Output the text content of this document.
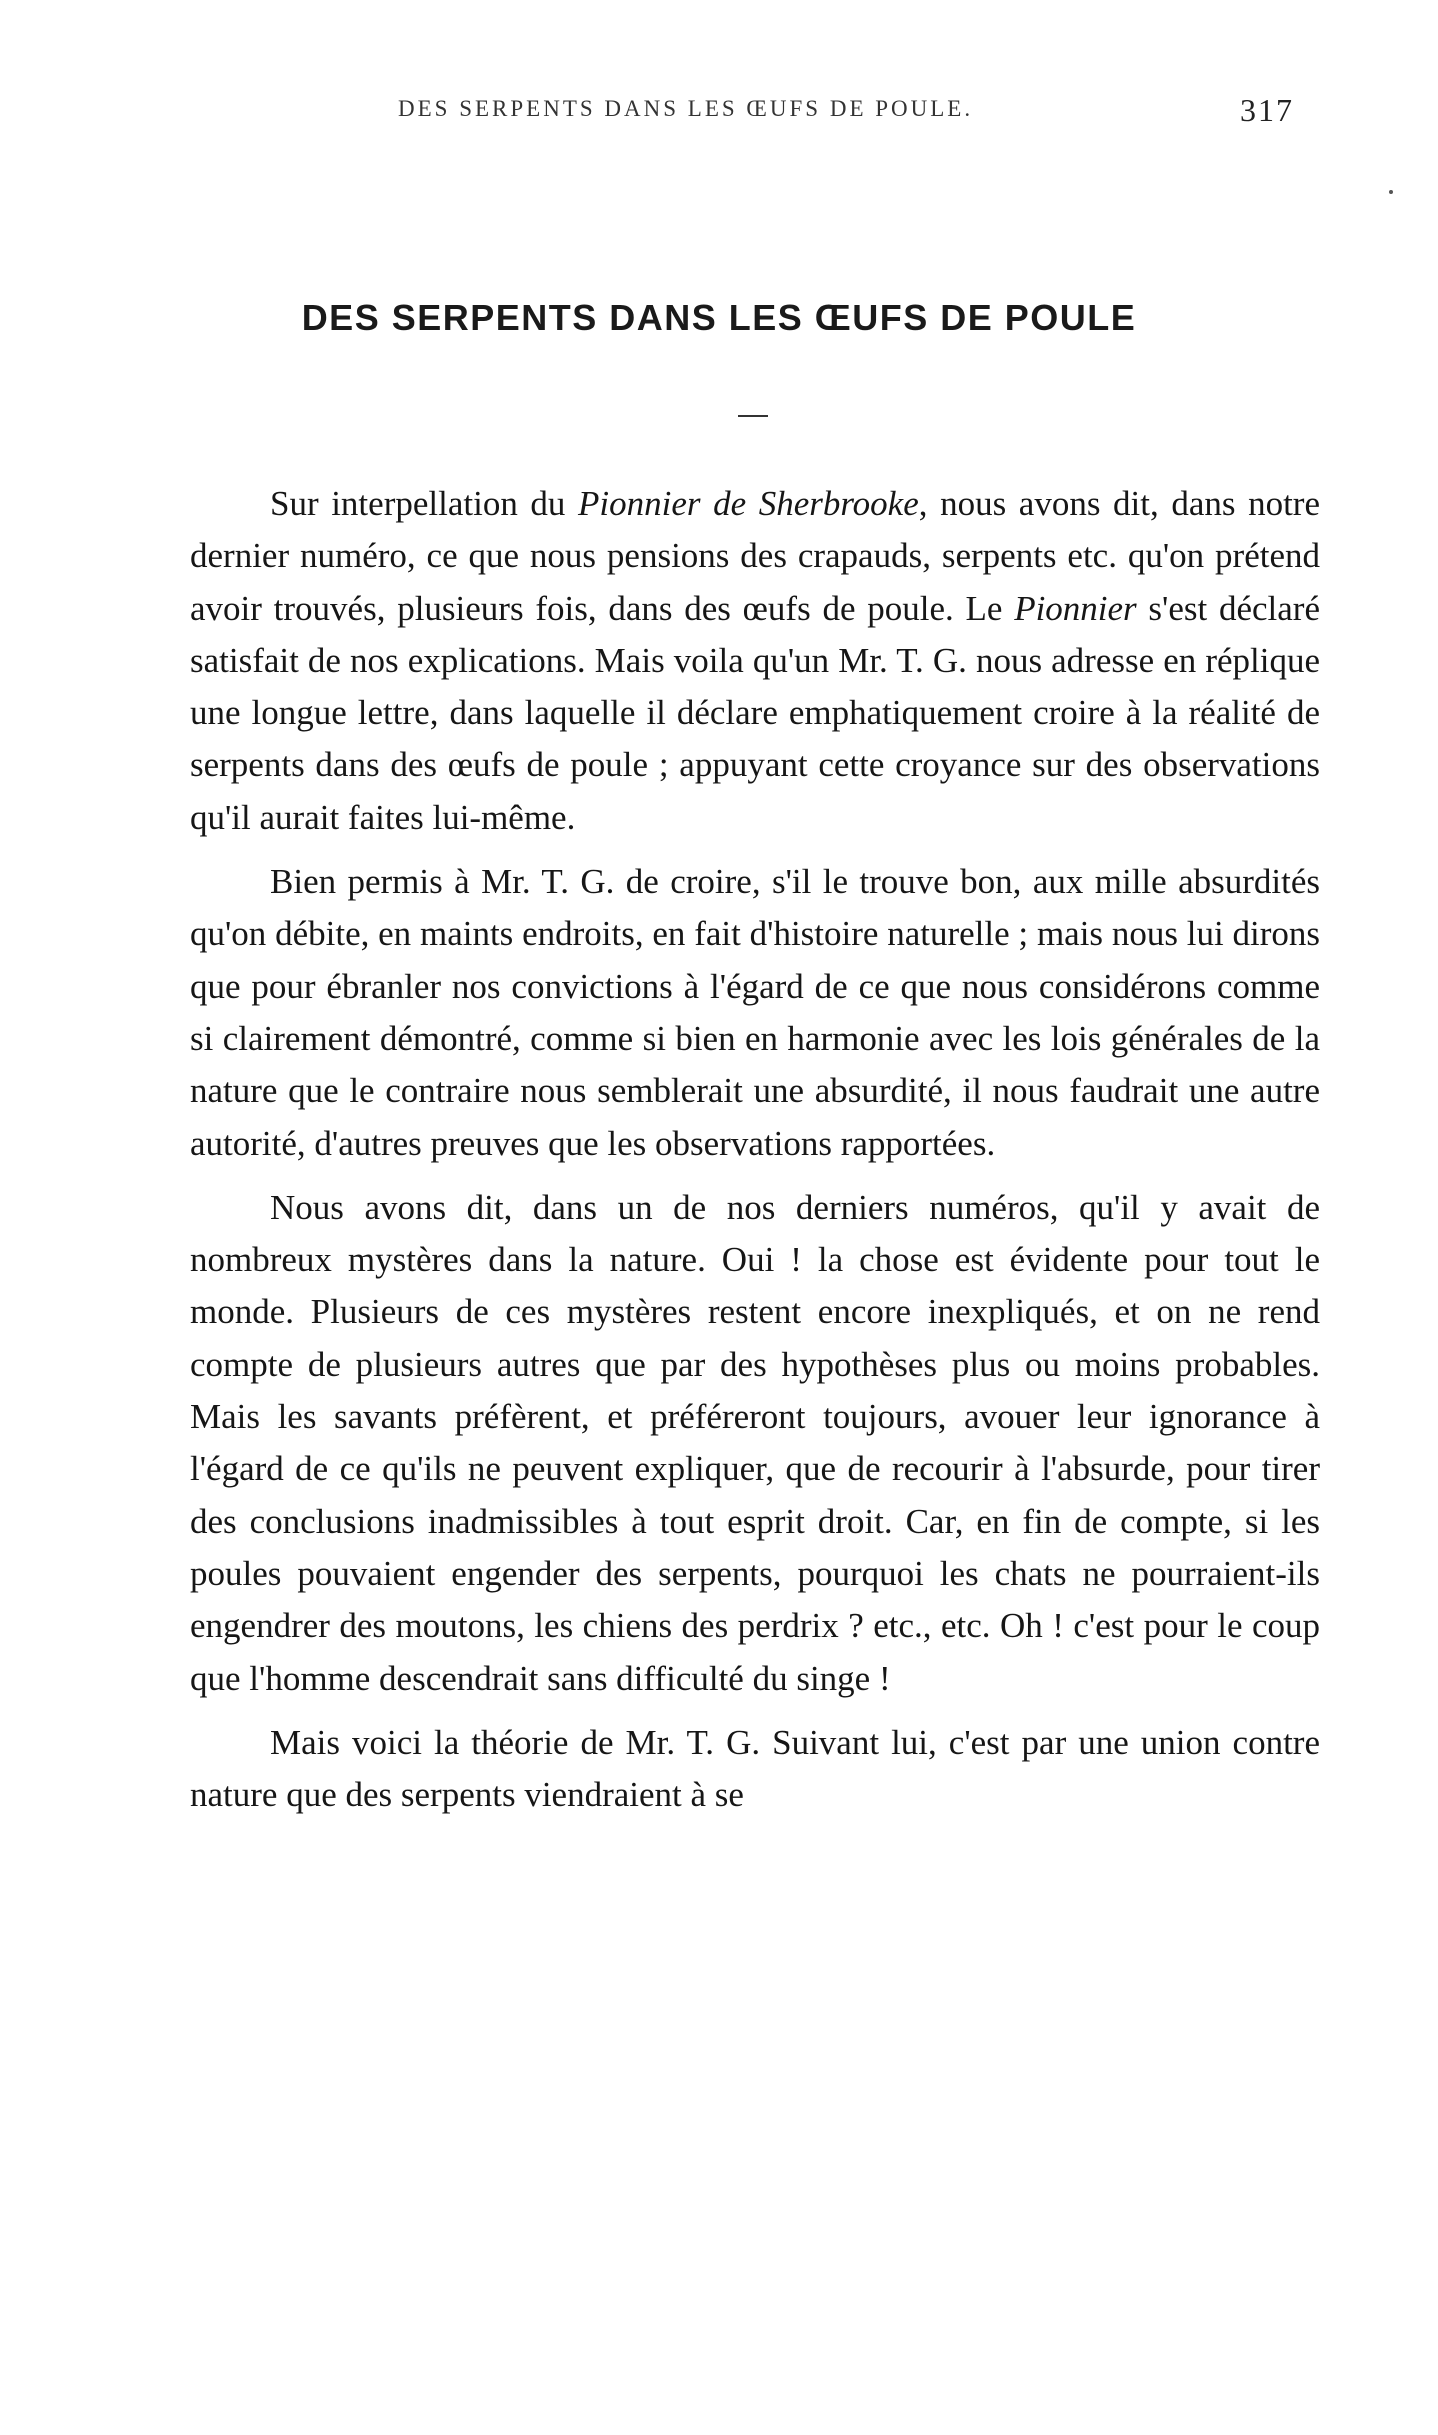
DES SERPENTS DANS LES ŒUFS DE POULE.	317
DES SERPENTS DANS LES ŒUFS DE POULE

Sur interpellation du Pionnier de Sherbrooke, nous avons dit, dans notre dernier numéro, ce que nous pensions des crapauds, serpents etc. qu'on prétend avoir trouvés, plusieurs fois, dans des œufs de poule. Le Pionnier s'est déclaré satisfait de nos explications. Mais voila qu'un Mr. T. G. nous adresse en réplique une longue lettre, dans laquelle il déclare emphatiquement croire à la réalité de serpents dans des œufs de poule ; appuyant cette croyance sur des observations qu'il aurait faites lui-même.

Bien permis à Mr. T. G. de croire, s'il le trouve bon, aux mille absurdités qu'on débite, en maints endroits, en fait d'histoire naturelle ; mais nous lui dirons que pour ébranler nos convictions à l'égard de ce que nous considérons comme si clairement démontré, comme si bien en harmonie avec les lois générales de la nature que le contraire nous semblerait une absurdité, il nous faudrait une autre autorité, d'autres preuves que les observations rapportées.

Nous avons dit, dans un de nos derniers numéros, qu'il y avait de nombreux mystères dans la nature. Oui ! la chose est évidente pour tout le monde. Plusieurs de ces mystères restent encore inexpliqués, et on ne rend compte de plusieurs autres que par des hypothèses plus ou moins probables. Mais les savants préfèrent, et préféreront toujours, avouer leur ignorance à l'égard de ce qu'ils ne peuvent expliquer, que de recourir à l'absurde, pour tirer des conclusions inadmissibles à tout esprit droit. Car, en fin de compte, si les poules pouvaient engender des serpents, pourquoi les chats ne pourraient-ils engendrer des moutons, les chiens des perdrix ? etc., etc. Oh ! c'est pour le coup que l'homme descendrait sans difficulté du singe !

Mais voici la théorie de Mr. T. G. Suivant lui, c'est par une union contre nature que des serpents viendraient à se
